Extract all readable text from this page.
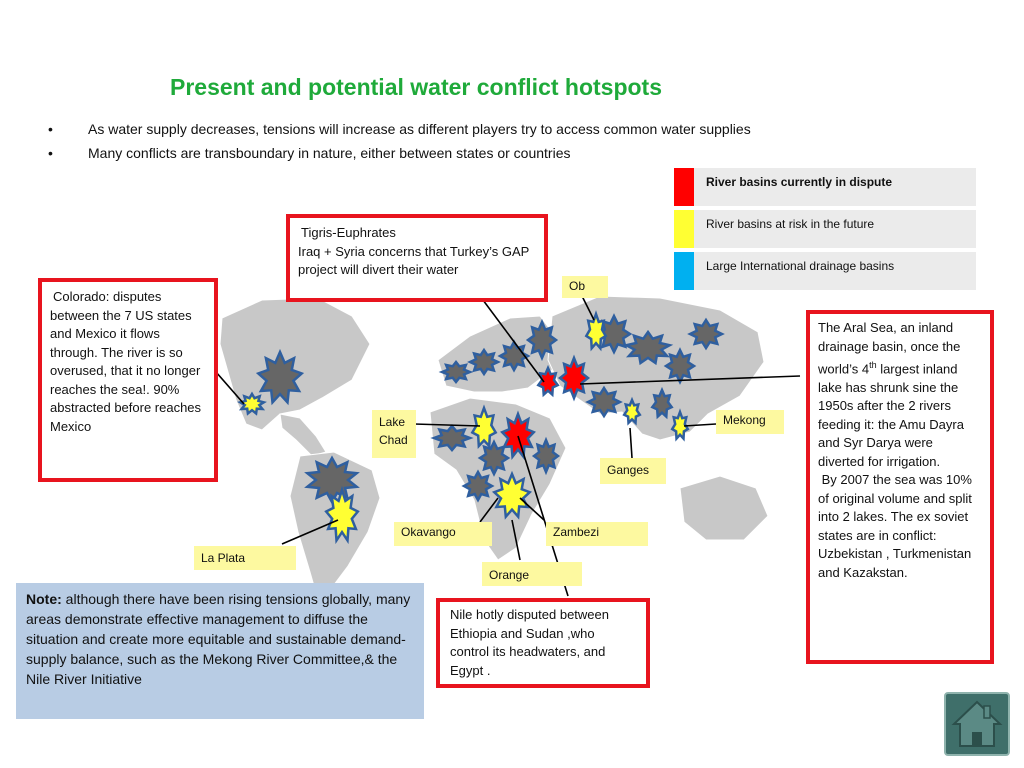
Present and potential water conflict hotspots
•	As water supply decreases, tensions will increase as different players try to access common water supplies
•	Many conflicts are transboundary in nature, either between states or countries
River basins currently in dispute
River basins at risk in the future
Large International drainage basins
Tigris-Euphrates
Iraq + Syria concerns that Turkey’s GAP project will divert their water
Colorado: disputes between the 7 US states and Mexico it flows through. The river is so overused, that it no longer reaches the sea!. 90% abstracted before reaches Mexico
The Aral Sea, an inland drainage basin, once the world’s 4th largest inland lake has shrunk sine the 1950s after the 2 rivers feeding it: the Amu Dayra and Syr Darya were diverted for irrigation.
By 2007 the sea was 10% of original volume and split into 2 lakes. The ex soviet states are in conflict: Uzbekistan , Turkmenistan and Kazakstan.
Nile hotly disputed between Ethiopia and Sudan ,who control its headwaters, and Egypt .
Ob
Lake Chad
Mekong
Ganges
Okavango	Zambezi
Orange
La Plata
Note: although there have been rising tensions globally, many areas demonstrate effective management to diffuse the situation and create more equitable and sustainable demand-supply balance, such as the Mekong River Committee,& the Nile River Initiative
